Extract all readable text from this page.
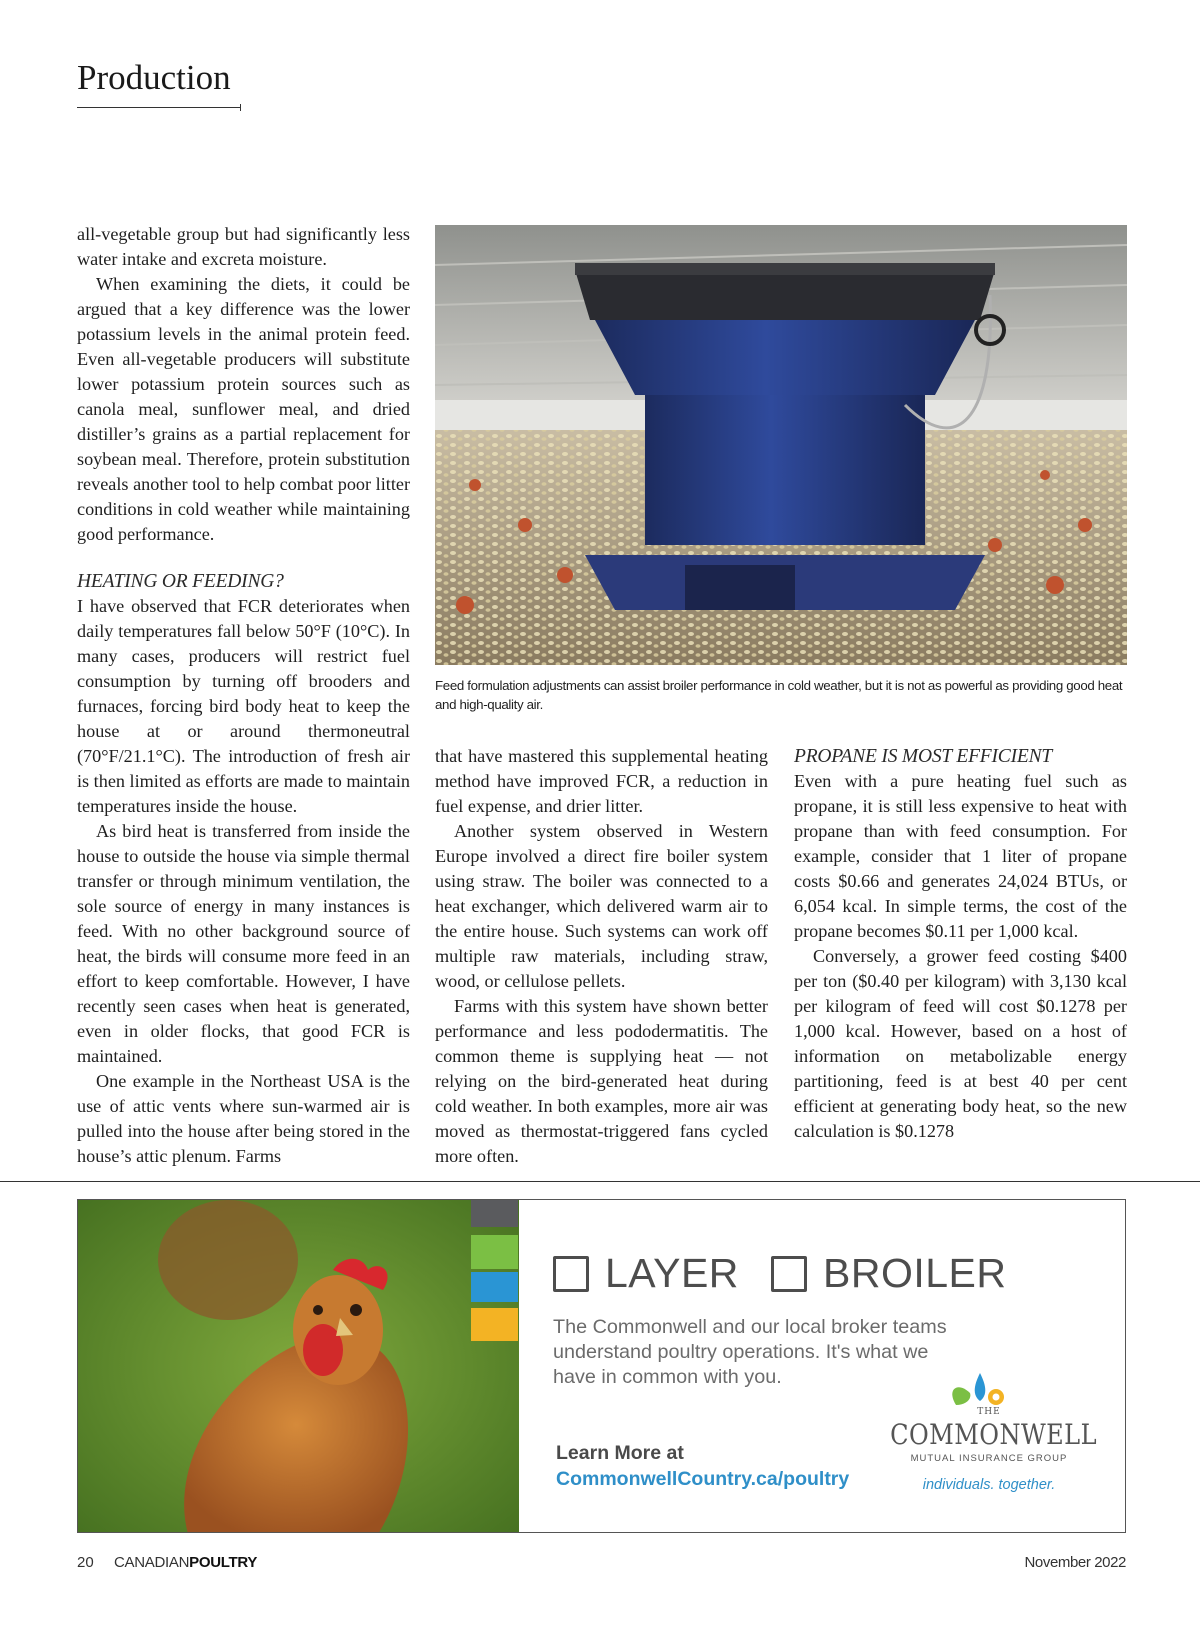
Production

all-vegetable group but had significantly less water intake and excreta moisture.

When examining the diets, it could be argued that a key difference was the lower potassium levels in the animal protein feed. Even all-vegetable producers will substitute lower potassium protein sources such as canola meal, sunflower meal, and dried distiller’s grains as a partial replacement for soybean meal. Therefore, protein substitution reveals another tool to help combat poor litter conditions in cold weather while maintaining good performance.

HEATING OR FEEDING?

I have observed that FCR deteriorates when daily temperatures fall below 50°F (10°C). In many cases, producers will restrict fuel consumption by turning off brooders and furnaces, forcing bird body heat to keep the house at or around thermoneutral (70°F/21.1°C). The introduction of fresh air is then limited as efforts are made to maintain temperatures inside the house.

As bird heat is transferred from inside the house to outside the house via simple thermal transfer or through minimum ventilation, the sole source of energy in many instances is feed. With no other background source of heat, the birds will consume more feed in an effort to keep comfortable. However, I have recently seen cases when heat is generated, even in older flocks, that good FCR is maintained.

One example in the Northeast USA is the use of attic vents where sun-warmed air is pulled into the house after being stored in the house’s attic plenum. Farms

Feed formulation adjustments can assist broiler performance in cold weather, but it is not as powerful as providing good heat and high-quality air.

that have mastered this supplemental heating method have improved FCR, a reduction in fuel expense, and drier litter.

Another system observed in Western Europe involved a direct fire boiler system using straw. The boiler was connected to a heat exchanger, which delivered warm air to the entire house. Such systems can work off multiple raw materials, including straw, wood, or cellulose pellets.

Farms with this system have shown better performance and less pododermatitis. The common theme is supplying heat — not relying on the bird-generated heat during cold weather. In both examples, more air was moved as thermostat-triggered fans cycled more often.

PROPANE IS MOST EFFICIENT

Even with a pure heating fuel such as propane, it is still less expensive to heat with propane than with feed consumption. For example, consider that 1 liter of propane costs $0.66 and generates 24,024 BTUs, or 6,054 kcal. In simple terms, the cost of the propane becomes $0.11 per 1,000 kcal.

Conversely, a grower feed costing $400 per ton ($0.40 per kilogram) with 3,130 kcal per kilogram of feed will cost $0.1278 per 1,000 kcal. However, based on a host of information on metabolizable energy partitioning, feed is at best 40 per cent efficient at generating body heat, so the new calculation is $0.1278

LAYER BROILER
The Commonwell and our local broker teams understand poultry operations. It's what we have in common with you.
Learn More at
CommonwellCountry.ca/poultry
THE
COMMONWELL
MUTUAL INSURANCE GROUP
individuals. together.
20 CANADIANPOULTRY	November 2022
